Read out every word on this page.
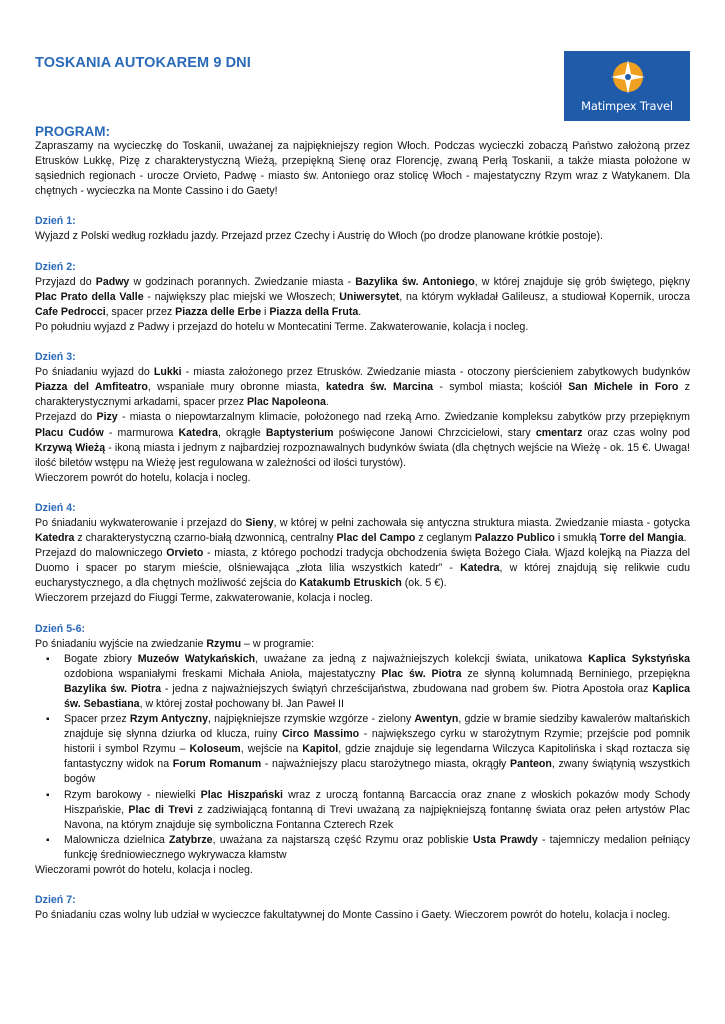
TOSKANIA AUTOKAREM 9 DNI
Matimpex Travel
PROGRAM:

Zapraszamy na wycieczkę do Toskanii, uważanej za najpiękniejszy region Włoch. Podczas wycieczki zobaczą Państwo założoną przez Etrusków Lukkę, Pizę z charakterystyczną Wieżą, przepiękną Sienę oraz Florencję, zwaną Perłą Toskanii, a także miasta położone w sąsiednich regionach - urocze Orvieto, Padwę - miasto św. Antoniego oraz stolicę Włoch - majestatyczny Rzym wraz z Watykanem. Dla chętnych - wycieczka na Monte Cassino i do Gaety!

Dzień 1:

Wyjazd z Polski według rozkładu jazdy. Przejazd przez Czechy i Austrię do Włoch (po drodze planowane krótkie postoje).

Dzień 2:

Przyjazd do Padwy w godzinach porannych. Zwiedzanie miasta - Bazylika św. Antoniego, w której znajduje się grób świętego, piękny Plac Prato della Valle - największy plac miejski we Włoszech; Uniwersytet, na którym wykładał Galileusz, a studiował Kopernik, urocza Cafe Pedrocci, spacer przez Piazza delle Erbe i Piazza della Fruta.

Po południu wyjazd z Padwy i przejazd do hotelu w Montecatini Terme. Zakwaterowanie, kolacja i nocleg.

Dzień 3:

Po śniadaniu wyjazd do Lukki - miasta założonego przez Etrusków. Zwiedzanie miasta - otoczony pierścieniem zabytkowych budynków Piazza del Amfiteatro, wspaniałe mury obronne miasta, katedra św. Marcina - symbol miasta; kościół San Michele in Foro z charakterystycznymi arkadami, spacer przez Plac Napoleona.

Przejazd do Pizy - miasta o niepowtarzalnym klimacie, położonego nad rzeką Arno. Zwiedzanie kompleksu zabytków przy przepięknym Placu Cudów - marmurowa Katedra, okrągłe Baptysterium poświęcone Janowi Chrzcicielowi, stary cmentarz oraz czas wolny pod Krzywą Wieżą - ikoną miasta i jednym z najbardziej rozpoznawalnych budynków świata (dla chętnych wejście na Wieżę - ok. 15 €. Uwaga! ilość biletów wstępu na Wieżę jest regulowana w zależności od ilości turystów).

Wieczorem powrót do hotelu, kolacja i nocleg.

Dzień 4:

Po śniadaniu wykwaterowanie i przejazd do Sieny, w której w pełni zachowała się antyczna struktura miasta. Zwiedzanie miasta - gotycka Katedra z charakterystyczną czarno-białą dzwonnicą, centralny Plac del Campo z ceglanym Palazzo Publico i smukłą Torre del Mangia.

Przejazd do malowniczego Orvieto - miasta, z którego pochodzi tradycja obchodzenia święta Bożego Ciała. Wjazd kolejką na Piazza del Duomo i spacer po starym mieście, olśniewająca „złota lilia wszystkich katedr” - Katedra, w której znajdują się relikwie cudu eucharystycznego, a dla chętnych możliwość zejścia do Katakumb Etruskich (ok. 5 €).

Wieczorem przejazd do Fiuggi Terme, zakwaterowanie, kolacja i nocleg.

Dzień 5-6:

Po śniadaniu wyjście na zwiedzanie Rzymu – w programie:

▪ Bogate zbiory Muzeów Watykańskich, uważane za jedną z najważniejszych kolekcji świata, unikatowa Kaplica Sykstyńska ozdobiona wspaniałymi freskami Michała Anioła, majestatyczny Plac św. Piotra ze słynną kolumnadą Berniniego, przepiękna Bazylika św. Piotra - jedna z najważniejszych świątyń chrześcijaństwa, zbudowana nad grobem św. Piotra Apostoła oraz Kaplica św. Sebastiana, w której został pochowany bł. Jan Paweł II
▪ Spacer przez Rzym Antyczny, najpiękniejsze rzymskie wzgórze - zielony Awentyn, gdzie w bramie siedziby kawalerów maltańskich znajduje się słynna dziurka od klucza, ruiny Circo Massimo - największego cyrku w starożytnym Rzymie; przejście pod pomnik historii i symbol Rzymu – Koloseum, wejście na Kapitol, gdzie znajduje się legendarna Wilczyca Kapitolińska i skąd roztacza się fantastyczny widok na Forum Romanum - najważniejszy placu starożytnego miasta, okrągły Panteon, zwany świątynią wszystkich bogów
▪ Rzym barokowy - niewielki Plac Hiszpański wraz z uroczą fontanną Barcaccia oraz znane z włoskich pokazów mody Schody Hiszpańskie, Plac di Trevi z zadziwiającą fontanną di Trevi uważaną za najpiękniejszą fontannę świata oraz pełen artystów Plac Navona, na którym znajduje się symboliczna Fontanna Czterech Rzek
▪ Malownicza dzielnica Zatybrze, uważana za najstarszą część Rzymu oraz pobliskie Usta Prawdy - tajemniczy medalion pełniący funkcję średniowiecznego wykrywacza kłamstw

Wieczorami powrót do hotelu, kolacja i nocleg.

Dzień 7:

Po śniadaniu czas wolny lub udział w wycieczce fakultatywnej do Monte Cassino i Gaety. Wieczorem powrót do hotelu, kolacja i nocleg.
